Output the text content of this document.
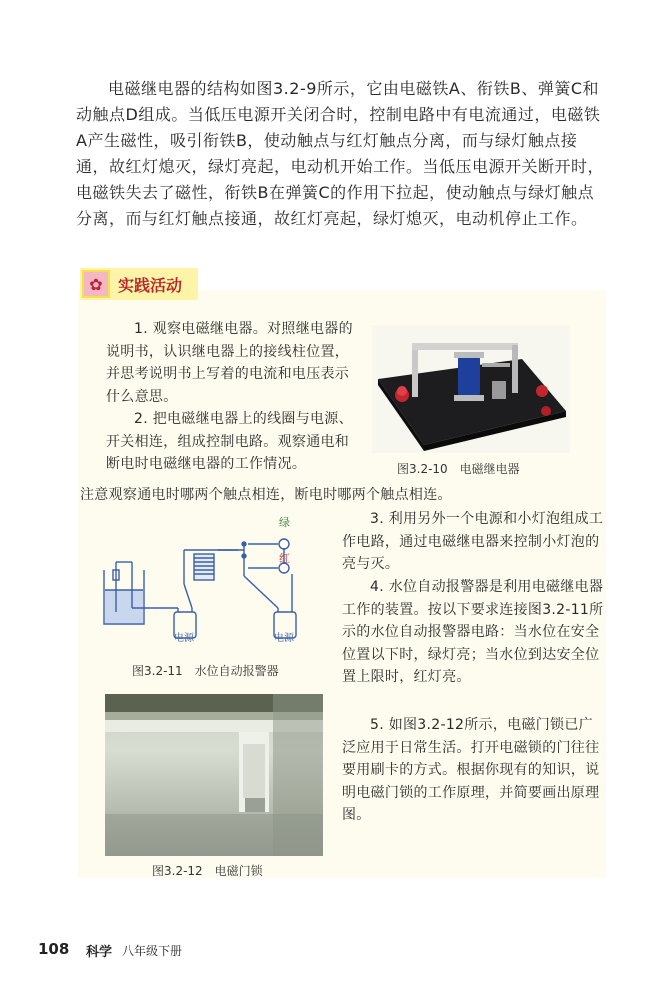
电磁继电器的结构如图3.2-9所示，它由电磁铁A、衔铁B、弹簧C和动触点D组成。当低压电源开关闭合时，控制电路中有电流通过，电磁铁A产生磁性，吸引衔铁B，使动触点与红灯触点分离，而与绿灯触点接通，故红灯熄灭，绿灯亮起，电动机开始工作。当低压电源开关断开时，电磁铁失去了磁性，衔铁B在弹簧C的作用下拉起，使动触点与绿灯触点分离，而与红灯触点接通，故红灯亮起，绿灯熄灭，电动机停止工作。

✿ 实践活动

1. 观察电磁继电器。对照继电器的说明书，认识继电器上的接线柱位置，并思考说明书上写着的电流和电压表示什么意思。

2. 把电磁继电器上的线圈与电源、开关相连，组成控制电路。观察通电和断电时电磁继电器的工作情况。

注意观察通电时哪两个触点相连，断电时哪两个触点相连。

3. 利用另外一个电源和小灯泡组成工作电路，通过电磁继电器来控制小灯泡的亮与灭。

4. 水位自动报警器是利用电磁继电器工作的装置。按以下要求连接图3.2-11所示的水位自动报警器电路：当水位在安全位置以下时，绿灯亮；当水位到达安全位置上限时，红灯亮。

5. 如图3.2-12所示，电磁门锁已广泛应用于日常生活。打开电磁锁的门往往要用刷卡的方式。根据你现有的知识，说明电磁门锁的工作原理，并简要画出原理图。

图3.2-10　电磁继电器
绿
红
电源	电源
图3.2-11　水位自动报警器
图3.2-12　电磁门锁
108 科学 八年级下册
